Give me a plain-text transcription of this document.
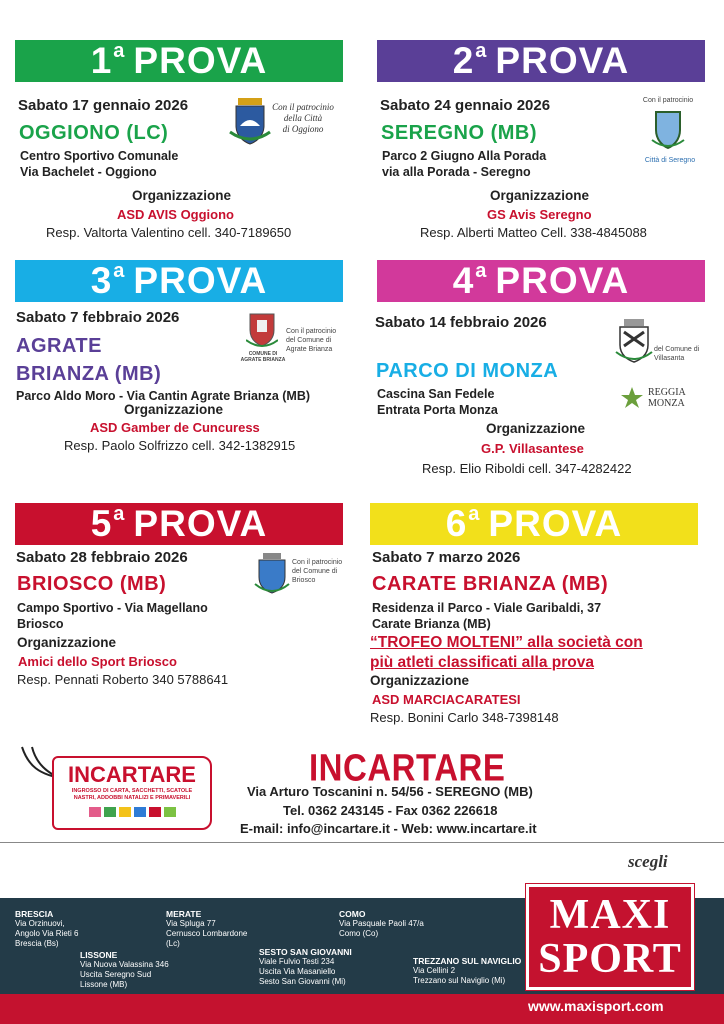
1$^a$ PROVA
Sabato 17 gennaio 2026
OGGIONO (LC)
Centro Sportivo Comunale
Via Bachelet - Oggiono
Con il patrocinio
della Città
di Oggiono
Organizzazione
ASD AVIS Oggiono
Resp. Valtorta Valentino cell. 340-7189650
2$^a$ PROVA
Sabato 24 gennaio 2026
SEREGNO (MB)
Parco 2 Giugno Alla Porada
via alla Porada - Seregno
Con il patrocinio
Città di Seregno
Organizzazione
GS Avis Seregno
Resp. Alberti Matteo Cell. 338-4845088
3$^a$ PROVA
Sabato 7 febbraio 2026
AGRATE
BRIANZA (MB)
COMUNE DI
AGRATE BRIANZA
Con il patrocinio
del Comune di
Agrate Brianza
Parco Aldo Moro - Via Cantin Agrate Brianza (MB)
Organizzazione
ASD Gamber de Cuncuress
Resp. Paolo Solfrizzo cell. 342-1382915
4$^a$ PROVA
Sabato 14 febbraio 2026
del Comune di
Villasanta
PARCO DI MONZA
Cascina San Fedele
Entrata Porta Monza
REGGIA
MONZA
Organizzazione
G.P. Villasantese
Resp. Elio Riboldi cell. 347-4282422
5$^a$ PROVA
Sabato 28 febbraio 2026
BRIOSCO (MB)
Con il patrocinio
del Comune di
Briosco
Campo Sportivo - Via Magellano
Briosco
Organizzazione
Amici dello Sport Briosco
Resp. Pennati Roberto 340 5788641
6$^a$ PROVA
Sabato 7 marzo 2026
CARATE BRIANZA (MB)
Residenza il Parco - Viale Garibaldi, 37
Carate Brianza (MB)
“TROFEO MOLTENI” alla società con
più atleti classificati alla prova
Organizzazione
ASD MARCIACARATESI
Resp. Bonini Carlo 348-7398148
INCARTARE
INGROSSO DI CARTA, SACCHETTI, SCATOLE
NASTRI, ADDOBBI NATALIZI E PRIMAVERILI
INCARTARE
Via Arturo Toscanini n. 54/56 - SEREGNO (MB)
Tel. 0362 243145 - Fax 0362 226618
E-mail: info@incartare.it - Web: www.incartare.it
BRESCIA
Via Orzinuovi,
Angolo Via Rieti 6
Brescia (Bs)
LISSONE
Via Nuova Valassina 346
Uscita Seregno Sud
Lissone (MB)
MERATE
Via Spluga 77
Cernusco Lombardone
(Lc)
SESTO SAN GIOVANNI
Viale Fulvio Testi 234
Uscita Via Masaniello
Sesto San Giovanni (Mi)
COMO
Via Pasquale Paoli 47/a
Como (Co)
TREZZANO SUL NAVIGLIO
Via Cellini 2
Trezzano sul Naviglio (Mi)
scegli
MAXI
SPORT
www.maxisport.com
